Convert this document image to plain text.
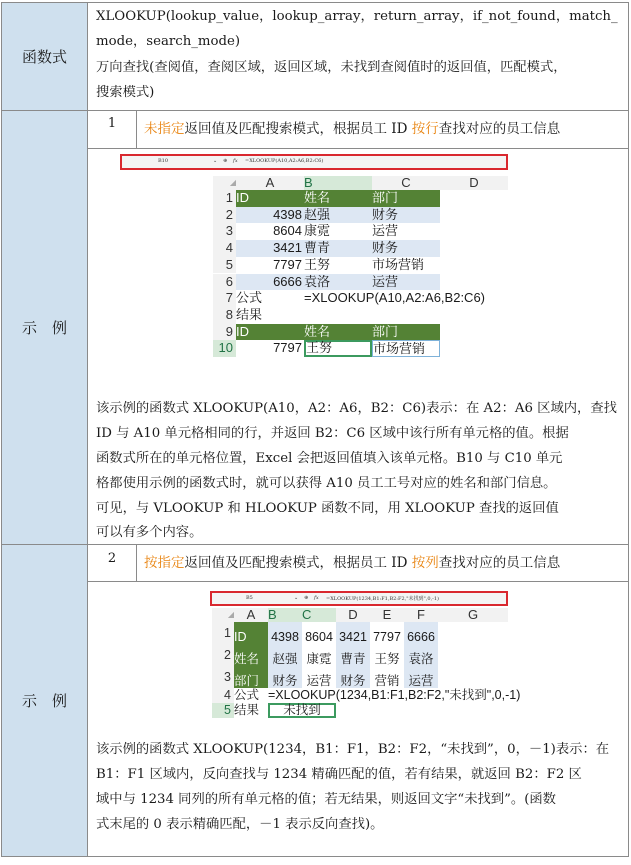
函数式
XLOOKUP(lookup_value，lookup_array，return_array，if_not_found，match_
mode，search_mode)
万向查找(查阅值，查阅区域，返回区域，未找到查阅值时的返回值，匹配模式，
搜索模式)
示　例
1	未指定返回值及匹配搜索模式，根据员工 ID 按行查找对应的员工信息
B10	⌄ ⊕ fx =XLOOKUP(A10,A2:A6,B2:C6)
◢	A	B	C	D
1
2
3
4
5
6
7
8
9
10
ID	姓名	部门
4398 赵强	财务
8604 康霓	运营
3421 曹青	财务
7797 王努	市场营销
6666 袁洛	运营
公式	=XLOOKUP(A10,A2:A6,B2:C6)
结果
ID	姓名	部门
7797 王努	市场营销
该示例的函数式 XLOOKUP(A10，A2：A6，B2：C6)表示：在 A2：A6 区域内，查找
ID 与 A10 单元格相同的行，并返回 B2：C6 区域中该行所有单元格的值。根据
函数式所在的单元格位置，Excel 会把返回值填入该单元格。B10 与 C10 单元
格都使用示例的函数式时，就可以获得 A10 员工工号对应的姓名和部门信息。
可见，与 VLOOKUP 和 HLOOKUP 函数不同，用 XLOOKUP 查找的返回值
可以有多个内容。
示　例
2	按指定返回值及匹配搜索模式，根据员工 ID 按列查找对应的员工信息
B5	⌄ ⊕ fx =XLOOKUP(1234,B1:F1,B2:F2,"未找到",0,-1)
◢ A B	C	D	E	F	G
1
2
3
4
5
ID	4398 8604 3421 7797 6666
姓名	赵强 康霓 曹青 王努 袁洛
部门	财务 运营 财务 营销 运营
公式 =XLOOKUP(1234,B1:F1,B2:F2,"未找到",0,-1)
结果	未找到
该示例的函数式 XLOOKUP(1234，B1：F1，B2：F2，“未找到”，0，－1)表示：在
B1：F1 区域内，反向查找与 1234 精确匹配的值，若有结果，就返回 B2：F2 区
域中与 1234 同列的所有单元格的值；若无结果，则返回文字“未找到”。(函数
式末尾的 0 表示精确匹配，－1 表示反向查找)。
